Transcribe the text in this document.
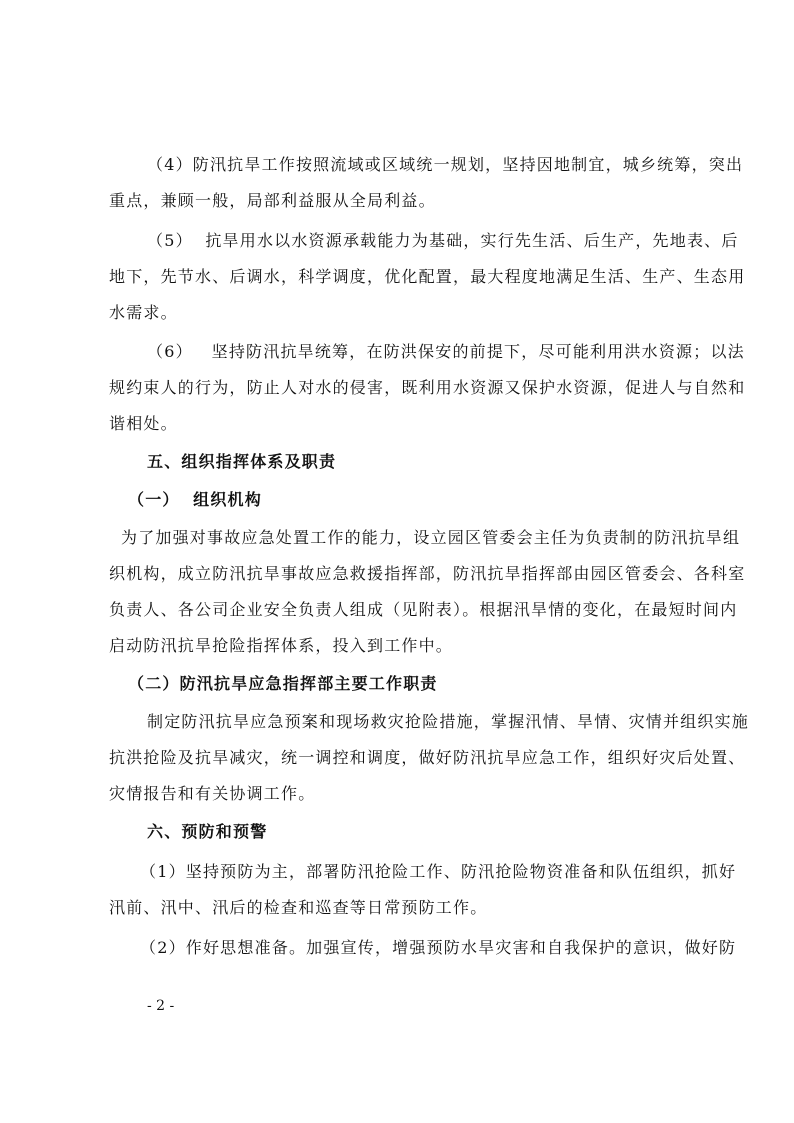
（4）防汛抗旱工作按照流域或区域统一规划，坚持因地制宜，城乡统筹，突出
重点，兼顾一般，局部利益服从全局利益。
（5）  抗旱用水以水资源承载能力为基础，实行先生活、后生产，先地表、后
地下，先节水、后调水，科学调度，优化配置，最大程度地满足生活、生产、生态用
水需求。
（6）   坚持防汛抗旱统筹，在防洪保安的前提下，尽可能利用洪水资源；以法
规约束人的行为，防止人对水的侵害，既利用水资源又保护水资源，促进人与自然和
谐相处。
五、组织指挥体系及职责
（一）  组织机构
为了加强对事故应急处置工作的能力，设立园区管委会主任为负责制的防汛抗旱组
织机构，成立防汛抗旱事故应急救援指挥部，防汛抗旱指挥部由园区管委会、各科室
负责人、各公司企业安全负责人组成（见附表）。根据汛旱情的变化，在最短时间内
启动防汛抗旱抢险指挥体系，投入到工作中。
（二）防汛抗旱应急指挥部主要工作职责
制定防汛抗旱应急预案和现场救灾抢险措施，掌握汛情、旱情、灾情并组织实施
抗洪抢险及抗旱减灾，统一调控和调度，做好防汛抗旱应急工作，组织好灾后处置、
灾情报告和有关协调工作。
六、预防和预警
（1）坚持预防为主，部署防汛抢险工作、防汛抢险物资准备和队伍组织，抓好
汛前、汛中、汛后的检查和巡查等日常预防工作。
（2）作好思想准备。加强宣传，增强预防水旱灾害和自我保护的意识，做好防
- 2 -
